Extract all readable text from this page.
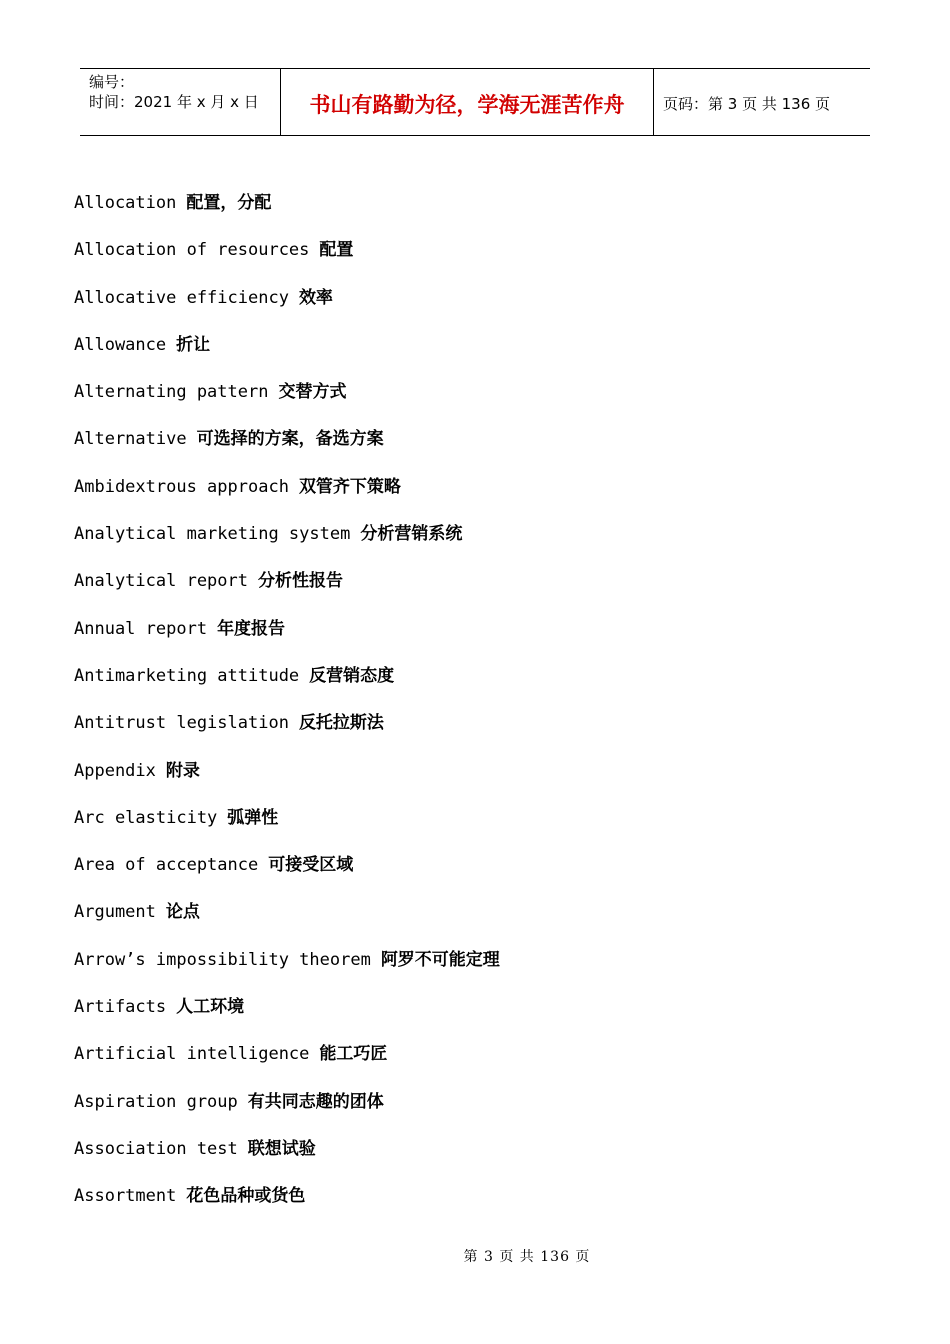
编号：
时间：2021 年 x 月 x 日	书山有路勤为径，学海无涯苦作舟	页码：第 3 页 共 136 页
Allocation 配置，分配
Allocation of resources 配置
Allocative efficiency 效率
Allowance 折让
Alternating pattern 交替方式
Alternative 可选择的方案，备选方案
Ambidextrous approach 双管齐下策略
Analytical marketing system 分析营销系统
Analytical report 分析性报告
Annual report 年度报告
Antimarketing attitude 反营销态度
Antitrust legislation 反托拉斯法
Appendix 附录
Arc elasticity 弧弹性
Area of acceptance 可接受区域
Argument 论点
Arrow’s impossibility theorem 阿罗不可能定理
Artifacts 人工环境
Artificial intelligence 能工巧匠
Aspiration group 有共同志趣的团体
Association test 联想试验
Assortment 花色品种或货色
第 3 页 共 136 页
